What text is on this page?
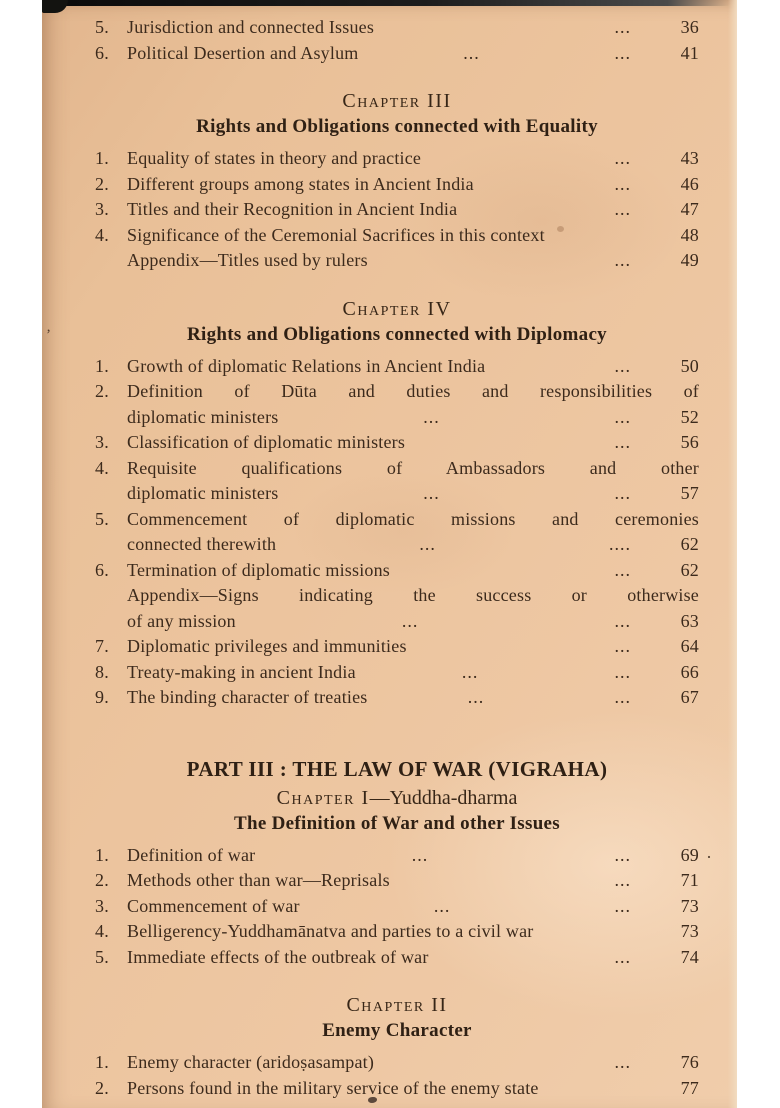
5.	Jurisdiction and connected Issues	...	36
6.	Political Desertion and Asylum	...	...	41
Chapter III
Rights and Obligations connected with Equality
1.	Equality of states in theory and practice	...	43
2.	Different groups among states in Ancient India	...	46
3.	Titles and their Recognition in Ancient India	...	47
4.	Significance of the Ceremonial Sacrifices in this context	48
Appendix—Titles used by rulers	...	49
Chapter IV
Rights and Obligations connected with Diplomacy
1.	Growth of diplomatic Relations in Ancient India	...	50
2.	Definition of Dūta and duties and responsibilities of
diplomatic ministers	...	...	52
3.	Classification of diplomatic ministers	...	56
4.	Requisite qualifications of Ambassadors and other
diplomatic ministers	...	...	57
5.	Commencement of diplomatic missions and ceremonies
connected therewith	...	....	62
6.	Termination of diplomatic missions	...	62
Appendix—Signs indicating the success or otherwise
of any mission	...	...	63
7.	Diplomatic privileges and immunities	...	64
8.	Treaty-making in ancient India	...	...	66
9.	The binding character of treaties	...	...	67
PART III : THE LAW OF WAR (VIGRAHA)
Chapter I—Yuddha-dharma
The Definition of War and other Issues
1.	Definition of war	...	...	69
2.	Methods other than war—Reprisals	...	71
3.	Commencement of war	...	...	73
4.	Belligerency-Yuddhamānatva and parties to a civil war	73
5.	Immediate effects of the outbreak of war	...	74
Chapter II
Enemy Character
1.	Enemy character (aridoṣasampat)	...	76
2.	Persons found in the military service of the enemy state	77
’
·
